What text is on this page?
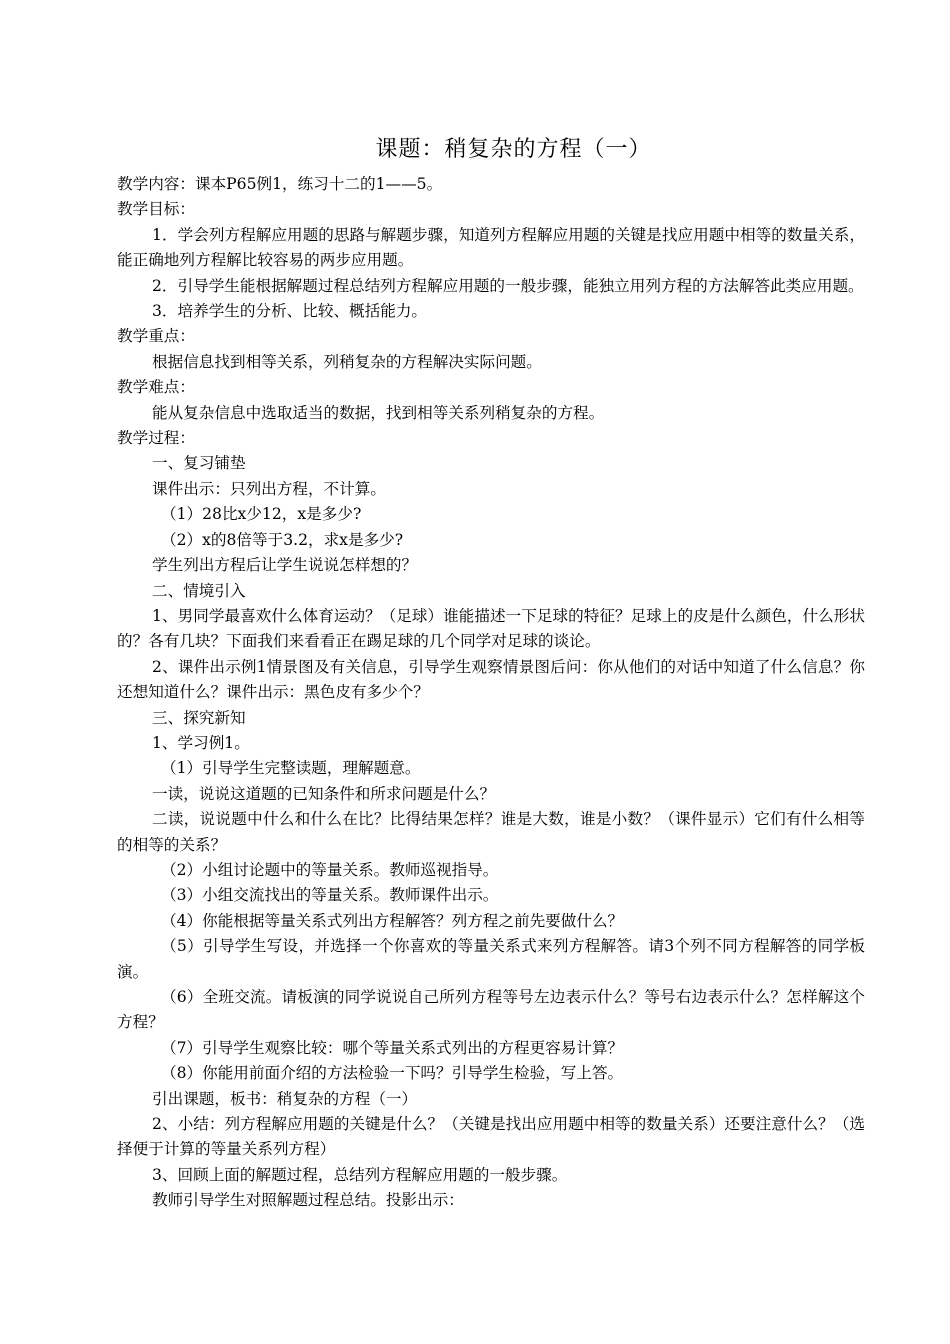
课题：稍复杂的方程（一）
教学内容：课本P65例1，练习十二的1——5。
教学目标：
1．学会列方程解应用题的思路与解题步骤，知道列方程解应用题的关键是找应用题中相等的数量关系，能正确地列方程解比较容易的两步应用题。
2．引导学生能根据解题过程总结列方程解应用题的一般步骤，能独立用列方程的方法解答此类应用题。
3．培养学生的分析、比较、概括能力。
教学重点：
根据信息找到相等关系，列稍复杂的方程解决实际问题。
教学难点：
能从复杂信息中选取适当的数据，找到相等关系列稍复杂的方程。
教学过程：
一、复习铺垫
课件出示：只列出方程，不计算。
（1）28比x少12，x是多少?
（2）x的8倍等于3.2，求x是多少?
学生列出方程后让学生说说怎样想的？
二、情境引入
1、男同学最喜欢什么体育运动？（足球）谁能描述一下足球的特征？足球上的皮是什么颜色，什么形状的？各有几块？下面我们来看看正在踢足球的几个同学对足球的谈论。
2、课件出示例1情景图及有关信息，引导学生观察情景图后问：你从他们的对话中知道了什么信息？你还想知道什么？课件出示：黑色皮有多少个？
三、探究新知
1、学习例1。
（1）引导学生完整读题，理解题意。
一读，说说这道题的已知条件和所求问题是什么？
二读，说说题中什么和什么在比？比得结果怎样？谁是大数，谁是小数？（课件显示）它们有什么相等的相等的关系？
（2）小组讨论题中的等量关系。教师巡视指导。
（3）小组交流找出的等量关系。教师课件出示。
（4）你能根据等量关系式列出方程解答？列方程之前先要做什么？
（5）引导学生写设，并选择一个你喜欢的等量关系式来列方程解答。请3个列不同方程解答的同学板演。
（6）全班交流。请板演的同学说说自己所列方程等号左边表示什么？等号右边表示什么？怎样解这个方程？
（7）引导学生观察比较：哪个等量关系式列出的方程更容易计算？
（8）你能用前面介绍的方法检验一下吗？引导学生检验，写上答。
引出课题，板书：稍复杂的方程（一）
2、小结：列方程解应用题的关键是什么？（关键是找出应用题中相等的数量关系）还要注意什么？（选择便于计算的等量关系列方程）
3、回顾上面的解题过程，总结列方程解应用题的一般步骤。
教师引导学生对照解题过程总结。投影出示：
